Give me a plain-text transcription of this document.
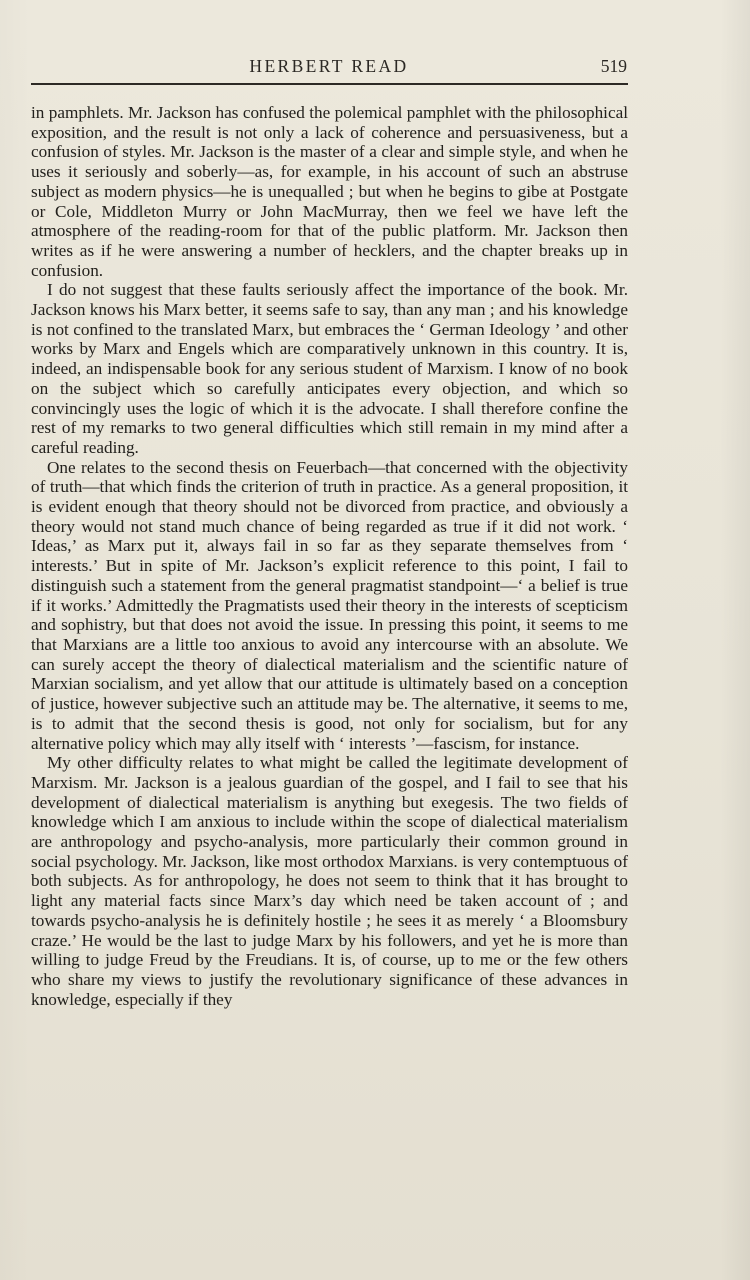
HERBERT READ	519

in pamphlets. Mr. Jackson has confused the polemical pamphlet with the philosophical exposition, and the result is not only a lack of coherence and persuasiveness, but a confusion of styles. Mr. Jackson is the master of a clear and simple style, and when he uses it seriously and soberly—as, for example, in his account of such an abstruse subject as modern physics—he is unequalled ; but when he begins to gibe at Postgate or Cole, Middleton Murry or John MacMurray, then we feel we have left the atmosphere of the reading-room for that of the public platform. Mr. Jackson then writes as if he were answering a number of hecklers, and the chapter breaks up in confusion.

I do not suggest that these faults seriously affect the importance of the book. Mr. Jackson knows his Marx better, it seems safe to say, than any man ; and his knowledge is not confined to the translated Marx, but embraces the ‘ German Ideology ’ and other works by Marx and Engels which are comparatively unknown in this country. It is, indeed, an indispensable book for any serious student of Marxism. I know of no book on the subject which so carefully anticipates every objection, and which so convincingly uses the logic of which it is the advocate. I shall therefore confine the rest of my remarks to two general difficulties which still remain in my mind after a careful reading.

One relates to the second thesis on Feuerbach—that concerned with the objectivity of truth—that which finds the criterion of truth in practice. As a general proposition, it is evident enough that theory should not be divorced from practice, and obviously a theory would not stand much chance of being regarded as true if it did not work. ‘ Ideas,’ as Marx put it, always fail in so far as they separate themselves from ‘ interests.’ But in spite of Mr. Jackson’s explicit reference to this point, I fail to distinguish such a statement from the general pragmatist standpoint—‘ a belief is true if it works.’ Admittedly the Pragmatists used their theory in the interests of scepticism and sophistry, but that does not avoid the issue. In pressing this point, it seems to me that Marxians are a little too anxious to avoid any intercourse with an absolute. We can surely accept the theory of dialectical materialism and the scientific nature of Marxian socialism, and yet allow that our attitude is ultimately based on a conception of justice, however subjective such an attitude may be. The alternative, it seems to me, is to admit that the second thesis is good, not only for socialism, but for any alternative policy which may ally itself with ‘ interests ’—fascism, for instance.

My other difficulty relates to what might be called the legitimate development of Marxism. Mr. Jackson is a jealous guardian of the gospel, and I fail to see that his development of dialectical materialism is anything but exegesis. The two fields of knowledge which I am anxious to include within the scope of dialectical materialism are anthropology and psycho-analysis, more particularly their common ground in social psychology. Mr. Jackson, like most orthodox Marxians. is very contemptuous of both subjects. As for anthropology, he does not seem to think that it has brought to light any material facts since Marx’s day which need be taken account of ; and towards psycho-analysis he is definitely hostile ; he sees it as merely ‘ a Bloomsbury craze.’ He would be the last to judge Marx by his followers, and yet he is more than willing to judge Freud by the Freudians. It is, of course, up to me or the few others who share my views to justify the revolutionary significance of these advances in knowledge, especially if they
